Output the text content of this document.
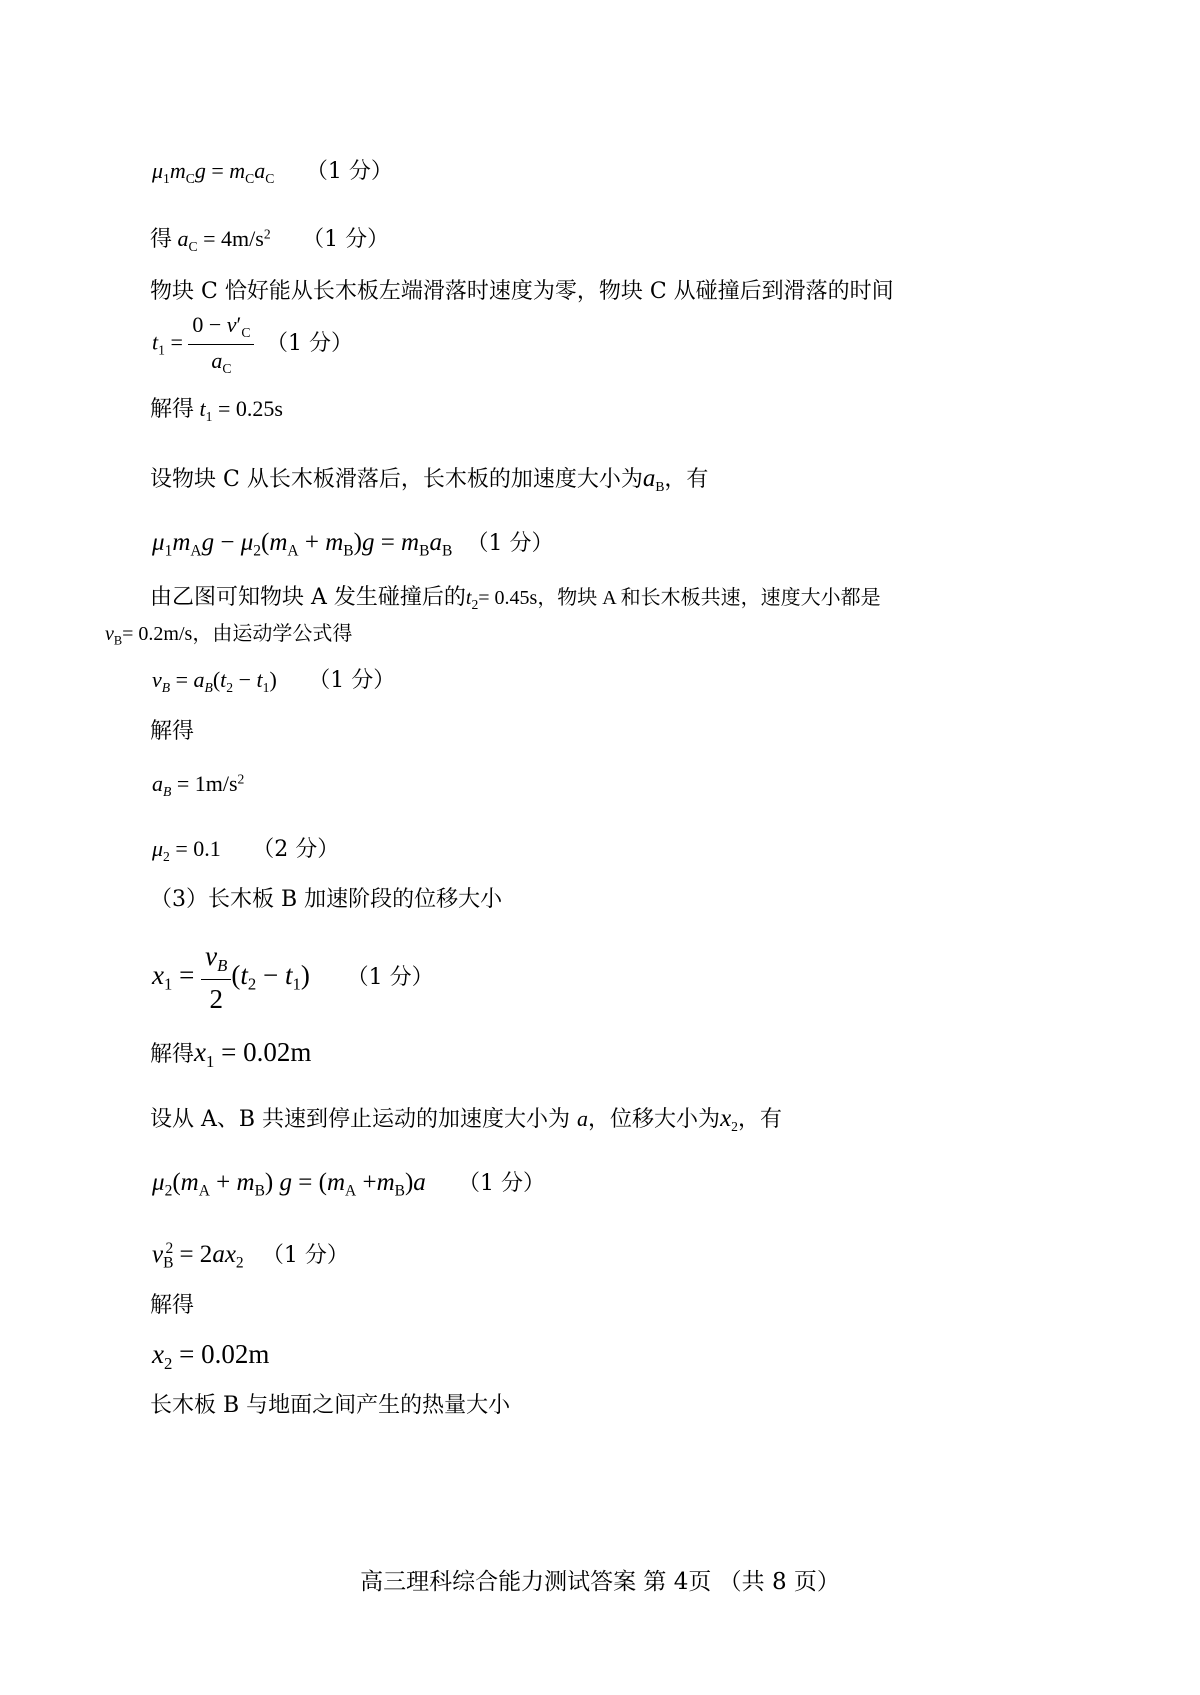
$\mu_1m_Cg = m_Ca_C$ （1 分）
得 $a_C = 4m/s^2$ （1 分）
物块 C 恰好能从长木板左端滑落时速度为零，物块 C 从碰撞后到滑落的时间
$t_1 = \frac{0 - v'_C}{a_C} (1$ 分）
解得 $t_1 = 0.25s$
设物块 C 从长木板滑落后，长木板的加速度大小为$a_B$，有
$\mu_1m_Ag - \mu_2(m_A + m_B)g = m_Ba_B$ （1 分）
由乙图可知物块 A 发生碰撞后的$t_2= 0.45s$，物块 A 和长木板共速，速度大小都是
$v_B= 0.2m/s$，由运动学公式得
$v_B = a_B(t_2 - t_1)$ （1 分）
解得
$a_B = 1m/s^2$
$\mu_2 = 0.1$ （2 分）
（3）长木板 B 加速阶段的位移大小
$x_1 = \frac{v_B}{2} (t_2 - t_1)$ （1 分）
解得$x_1 = 0.02m$
设从 A、B 共速到停止运动的加速度大小为 a，位移大小为$x_2$，有
$\mu_2(m_A + m_B) g = (m_A +m_B)a$ （1 分）
$v_B^2 = 2ax_2$ （1 分）
解得
$x_2 = 0.02m$
长木板 B 与地面之间产生的热量大小
高三理科综合能力测试答案 第 4页 （共 8 页）
